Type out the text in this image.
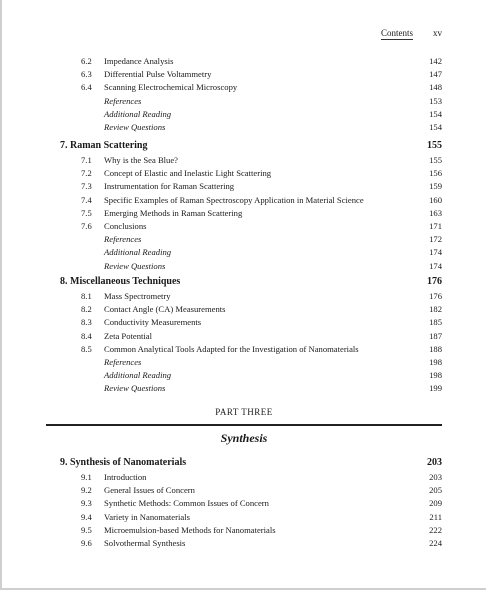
Contents xv
6.2	Impedance Analysis	142
6.3	Differential Pulse Voltammetry	147
6.4	Scanning Electrochemical Microscopy	148
References	153
Additional Reading	154
Review Questions	154
7. Raman Scattering	155
7.1	Why is the Sea Blue?	155
7.2	Concept of Elastic and Inelastic Light Scattering	156
7.3	Instrumentation for Raman Scattering	159
7.4	Specific Examples of Raman Spectroscopy Application in Material Science	160
7.5	Emerging Methods in Raman Scattering	163
7.6	Conclusions	171
References	172
Additional Reading	174
Review Questions	174
8. Miscellaneous Techniques	176
8.1	Mass Spectrometry	176
8.2	Contact Angle (CA) Measurements	182
8.3	Conductivity Measurements	185
8.4	Zeta Potential	187
8.5	Common Analytical Tools Adapted for the Investigation of Nanomaterials	188
References	198
Additional Reading	198
Review Questions	199
PART THREE
Synthesis
9. Synthesis of Nanomaterials	203
9.1	Introduction	203
9.2	General Issues of Concern	205
9.3	Synthetic Methods: Common Issues of Concern	209
9.4	Variety in Nanomaterials	211
9.5	Microemulsion-based Methods for Nanomaterials	222
9.6	Solvothermal Synthesis	224
